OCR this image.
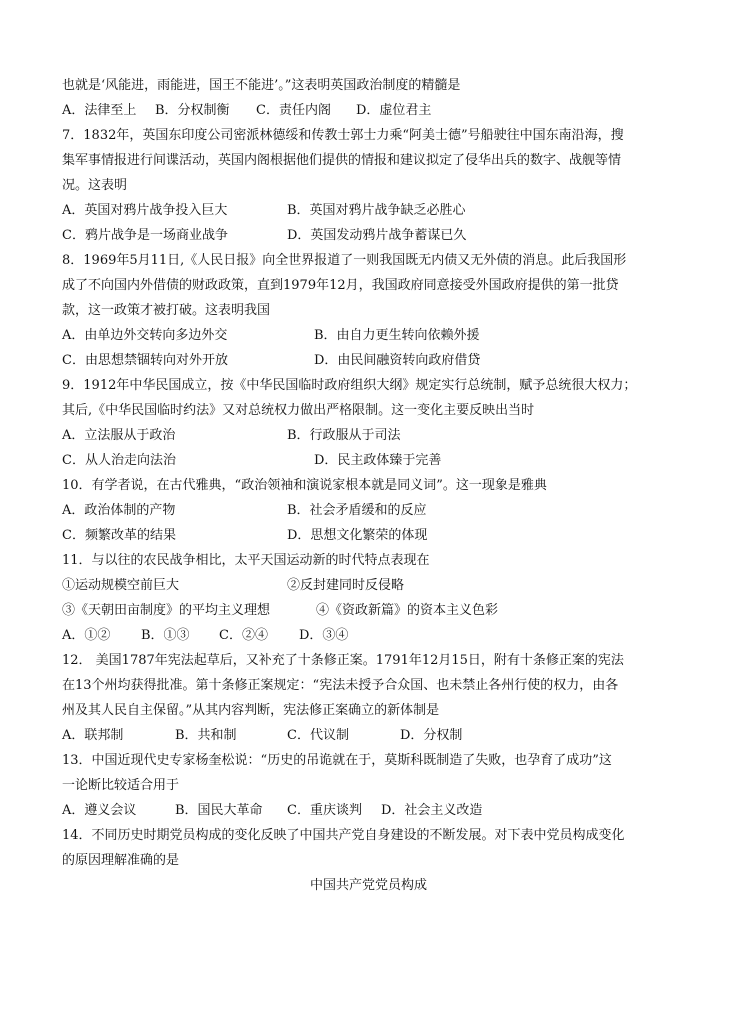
也就是‘风能进，雨能进，国王不能进’。”这表明英国政治制度的精髓是
A．法律至上 B．分权制衡 C．责任内阁 D．虚位君主
7．1832年，英国东印度公司密派林德绥和传教士郭士力乘“阿美士德”号船驶往中国东南沿海，搜
集军事情报进行间谍活动，英国内阁根据他们提供的情报和建议拟定了侵华出兵的数字、战舰等情
况。这表明
A．英国对鸦片战争投入巨大	B．英国对鸦片战争缺乏必胜心
C．鸦片战争是一场商业战争	D．英国发动鸦片战争蓄谋已久
8．1969年5月11日,《人民日报》向全世界报道了一则我国既无内债又无外债的消息。此后我国形
成了不向国内外借债的财政政策，直到1979年12月，我国政府同意接受外国政府提供的第一批贷
款，这一政策才被打破。这表明我国
A．由单边外交转向多边外交	B．由自力更生转向依赖外援
C．由思想禁锢转向对外开放	D．由民间融资转向政府借贷
9．1912年中华民国成立，按《中华民国临时政府组织大纲》规定实行总统制，赋予总统很大权力；
其后,《中华民国临时约法》又对总统权力做出严格限制。这一变化主要反映出当时
A．立法服从于政治	B．行政服从于司法
C．从人治走向法治	D．民主政体臻于完善
10．有学者说，在古代雅典，“政治领袖和演说家根本就是同义词”。这一现象是雅典
A．政治体制的产物	B．社会矛盾缓和的反应
C．频繁改革的结果	D．思想文化繁荣的体现
11．与以往的农民战争相比，太平天国运动新的时代特点表现在
①运动规模空前巨大	②反封建同时反侵略
③《天朝田亩制度》的平均主义理想	④《资政新篇》的资本主义色彩
A．①② B．①③ C．②④ D．③④
12． 美国1787年宪法起草后，又补充了十条修正案。1791年12月15日，附有十条修正案的宪法
在13个州均获得批准。第十条修正案规定：“宪法未授予合众国、也未禁止各州行使的权力，由各
州及其人民自主保留。”从其内容判断，宪法修正案确立的新体制是
A．联邦制	B．共和制	C．代议制	D．分权制
13．中国近现代史专家杨奎松说：“历史的吊诡就在于，莫斯科既制造了失败，也孕育了成功”这
一论断比较适合用于
A．遵义会议	B．国民大革命 C．重庆谈判 D．社会主义改造
14．不同历史时期党员构成的变化反映了中国共产党自身建设的不断发展。对下表中党员构成变化
的原因理解准确的是
中国共产党党员构成
